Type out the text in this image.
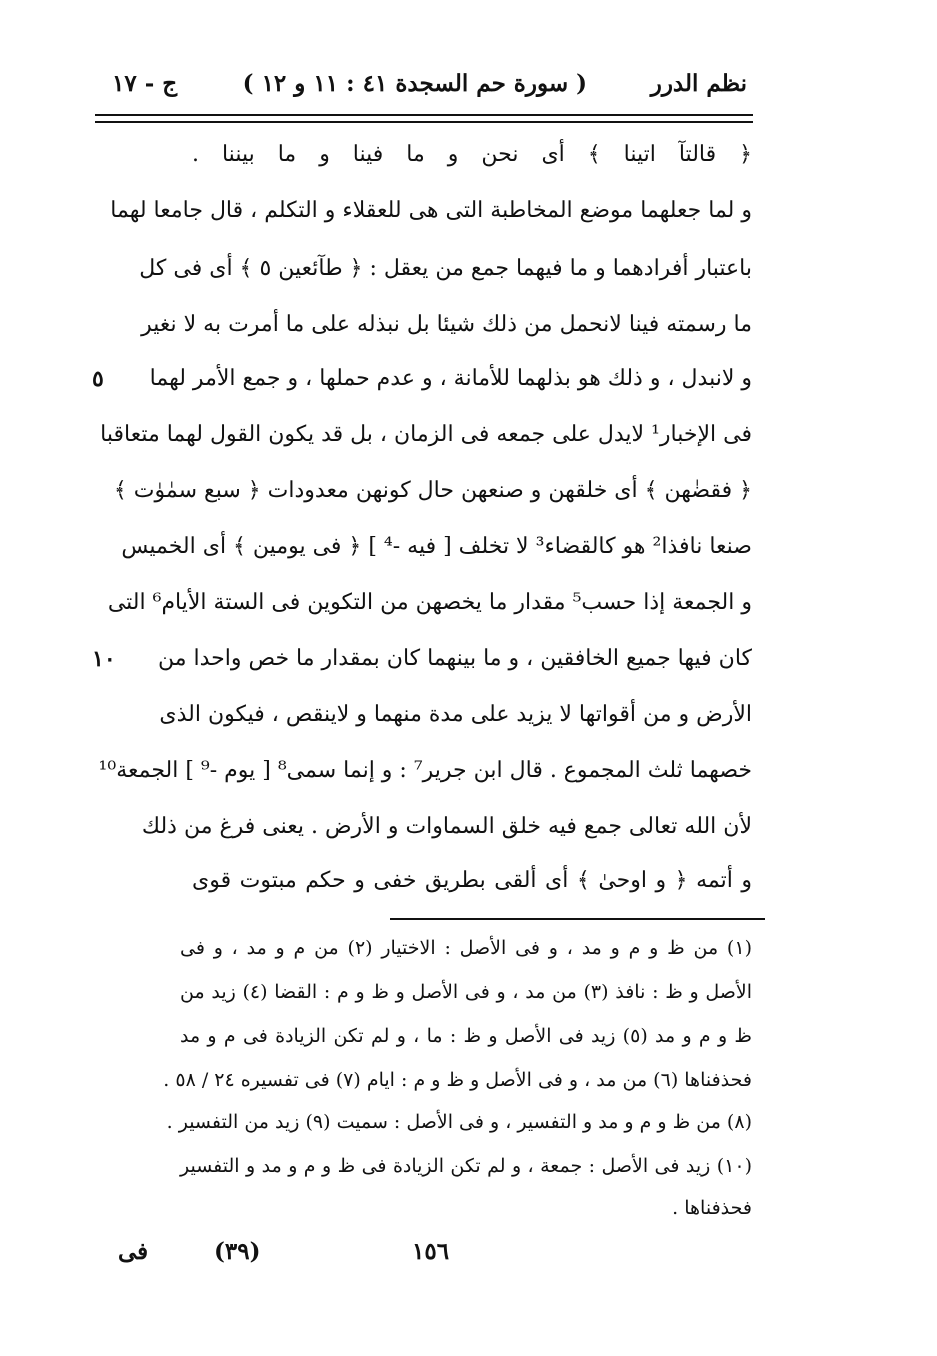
نظم الدرر
( سورة حم السجدة ٤١ : ١١ و ١٢ )
ج - ١٧
﴿ قالتآ اتينا ﴾ أى نحن و ما فينا و ما بيننا .
و لما جعلهما موضع المخاطبة التى هى للعقلاء و التكلم ، قال جامعا لهما
باعتبار أفرادهما و ما فيهما جمع من يعقل : ﴿ طآئعين ٥ ﴾ أى فى كل
ما رسمته فينا لانحمل من ذلك شيئا بل نبذله على ما أمرت به لا نغير
و لانبدل ، و ذلك هو بذلهما للأمانة ، و عدم حملها ، و جمع الأمر لهما
فى الإخبار¹ لايدل على جمعه فى الزمان ، بل قد يكون القول لهما متعاقبا
﴿ فقضٰهن ﴾ أى خلقهن و صنعهن حال كونهن معدودات ﴿ سبع سمٰوٰت ﴾
صنعا نافذا² هو كالقضاء³ لا تخلف [ فيه -⁴ ] ﴿ فى يومين ﴾ أى الخميس
و الجمعة إذا حسب⁵ مقدار ما يخصهن من التكوين فى الستة الأيام⁶ التى
كان فيها جميع الخافقين ، و ما بينهما كان بمقدار ما خص واحدا من
الأرض و من أقواتها لا يزيد على مدة منهما و لاينقص ، فيكون الذى
خصهما ثلث المجموع . قال ابن جرير⁷ : و إنما سمى⁸ [ يوم -⁹ ] الجمعة¹⁰
لأن الله تعالى جمع فيه خلق السماوات و الأرض . يعنى فرغ من ذلك
و أتمه ﴿ و اوحىٰ ﴾ أى ألقى بطريق خفى و حكم مبتوت قوى
٥
١٠
(١) من ظ و م و مد ، و فى الأصل : الاختيار (٢) من م و مد ، و فى
الأصل و ظ : نافذ (٣) من مد ، و فى الأصل و ظ و م : القضا (٤) زيد من
ظ و م و مد (٥) زيد فى الأصل و ظ : ما ، و لم تكن الزيادة فى م و مد
فحذفناها (٦) من مد ، و فى الأصل و ظ و م : ايام (٧) فى تفسيره ٢٤ / ٥٨ .
(٨) من ظ و م و مد و التفسير ، و فى الأصل : سميت (٩) زيد من التفسير .
(١٠) زيد فى الأصل : جمعة ، و لم تكن الزيادة فى ظ و م و مد و التفسير
فحذفناها .
١٥٦
(٣٩)
فى
